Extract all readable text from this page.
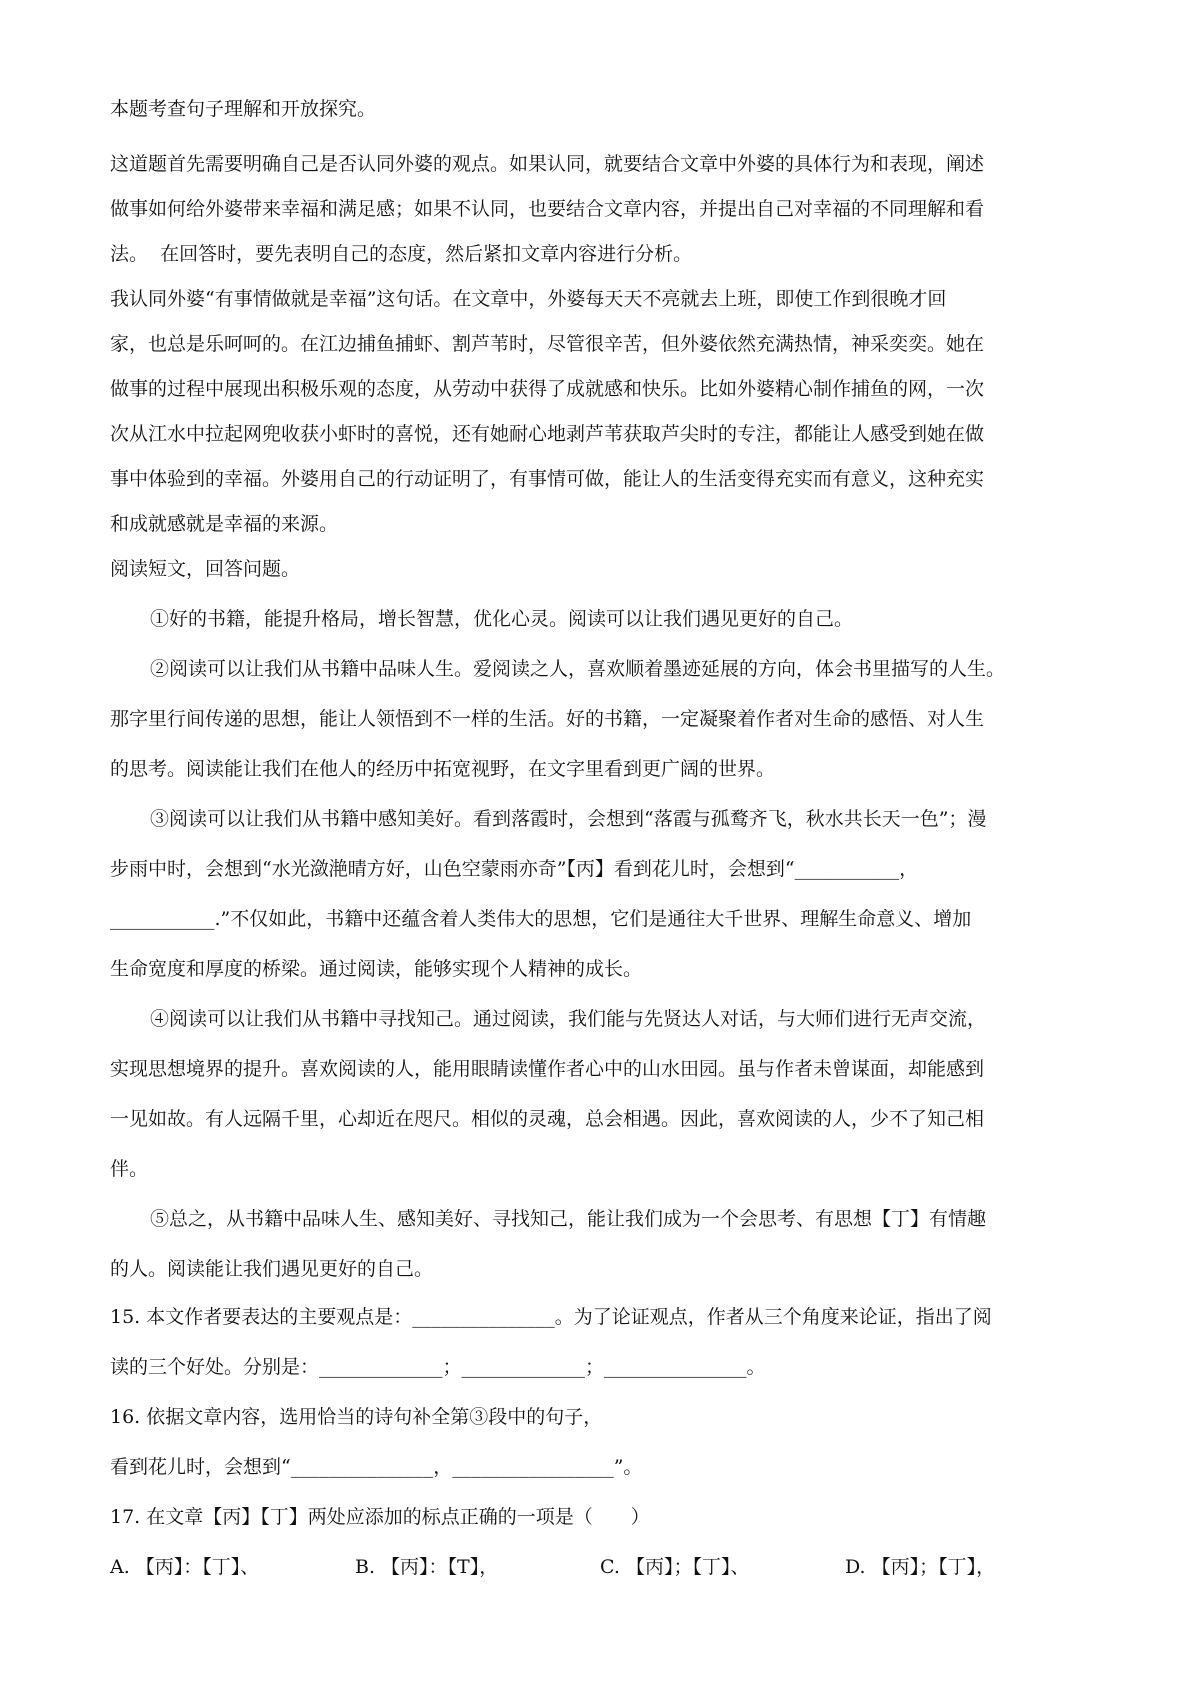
本题考查句子理解和开放探究。
这道题首先需要明确自己是否认同外婆的观点。如果认同，就要结合文章中外婆的具体行为和表现，阐述
做事如何给外婆带来幸福和满足感；如果不认同，也要结合文章内容，并提出自己对幸福的不同理解和看
法。  在回答时，要先表明自己的态度，然后紧扣文章内容进行分析。
我认同外婆“有事情做就是幸福”这句话。在文章中，外婆每天天不亮就去上班，即使工作到很晚才回
家，也总是乐呵呵的。在江边捕鱼捕虾、割芦苇时，尽管很辛苦，但外婆依然充满热情，神采奕奕。她在
做事的过程中展现出积极乐观的态度，从劳动中获得了成就感和快乐。比如外婆精心制作捕鱼的网，一次
次从江水中拉起网兜收获小虾时的喜悦，还有她耐心地剥芦苇获取芦尖时的专注，都能让人感受到她在做
事中体验到的幸福。外婆用自己的行动证明了，有事情可做，能让人的生活变得充实而有意义，这种充实
和成就感就是幸福的来源。
阅读短文，回答问题。
①好的书籍，能提升格局，增长智慧，优化心灵。阅读可以让我们遇见更好的自己。
②阅读可以让我们从书籍中品味人生。爱阅读之人，喜欢顺着墨迹延展的方向，体会书里描写的人生。
那字里行间传递的思想，能让人领悟到不一样的生活。好的书籍，一定凝聚着作者对生命的感悟、对人生
的思考。阅读能让我们在他人的经历中拓宽视野，在文字里看到更广阔的世界。
③阅读可以让我们从书籍中感知美好。看到落霞时，会想到“落霞与孤鹜齐飞，秋水共长天一色”；漫
步雨中时，会想到“水光潋滟晴方好，山色空蒙雨亦奇”【丙】看到花儿时，会想到“___________，
___________.”不仅如此，书籍中还蕴含着人类伟大的思想，它们是通往大千世界、理解生命意义、增加
生命宽度和厚度的桥梁。通过阅读，能够实现个人精神的成长。
④阅读可以让我们从书籍中寻找知己。通过阅读，我们能与先贤达人对话，与大师们进行无声交流，
实现思想境界的提升。喜欢阅读的人，能用眼睛读懂作者心中的山水田园。虽与作者未曾谋面，却能感到
一见如故。有人远隔千里，心却近在咫尺。相似的灵魂，总会相遇。因此，喜欢阅读的人，少不了知己相
伴。
⑤总之，从书籍中品味人生、感知美好、寻找知己，能让我们成为一个会思考、有思想【丁】有情趣
的人。阅读能让我们遇见更好的自己。
15. 本文作者要表达的主要观点是：_______________。为了论证观点，作者从三个角度来论证，指出了阅
读的三个好处。分别是：_____________；_____________；_______________。
16. 依据文章内容，选用恰当的诗句补全第③段中的句子，
看到花儿时，会想到“_______________，_________________”。
17. 在文章【丙】【丁】两处应添加的标点正确的一项是（　　）
A. 【丙】：【丁】、	B. 【丙】：【T】，	C. 【丙】；【丁】、	D. 【丙】；【丁】，
